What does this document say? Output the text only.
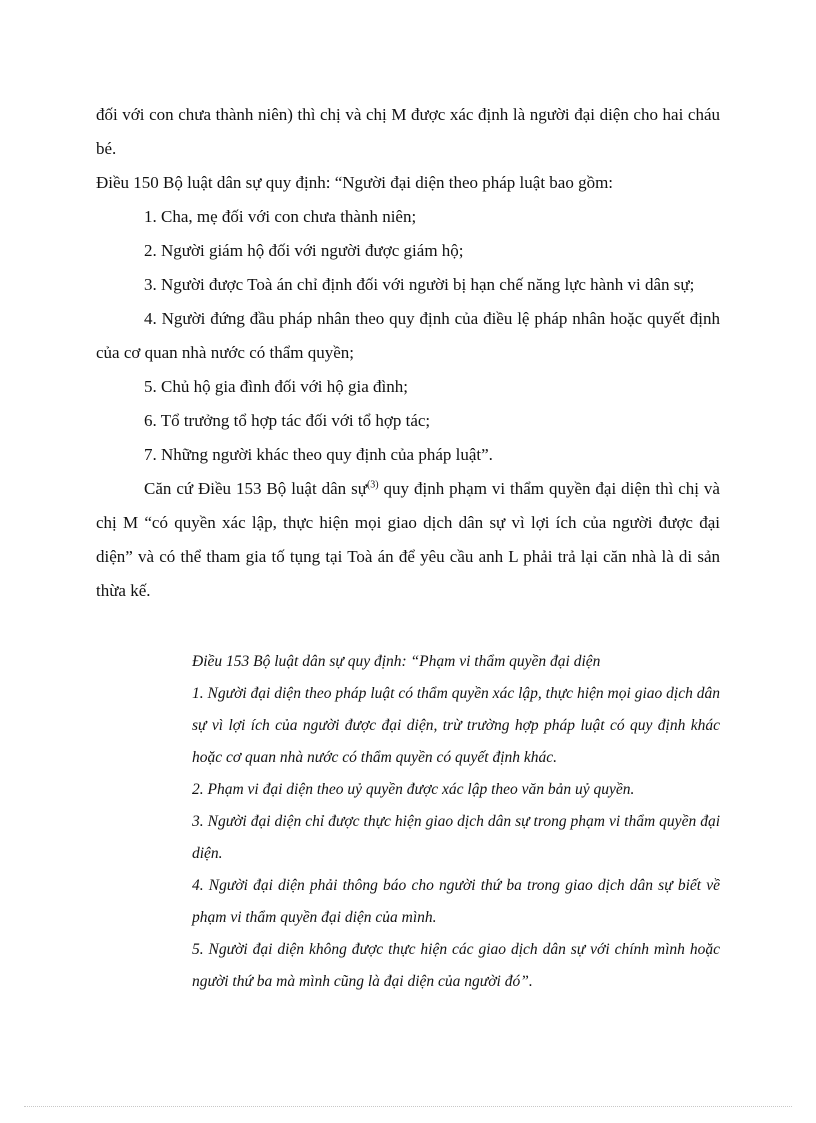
đối với con chưa thành niên) thì chị và chị M được xác định là người đại diện cho hai cháu bé.

Điều 150 Bộ luật dân sự quy định: “Người đại diện theo pháp luật bao gồm:

1. Cha, mẹ đối với con chưa thành niên;

2. Người giám hộ đối với người được giám hộ;

3. Người được Toà án chỉ định đối với người bị hạn chế năng lực hành vi dân sự;

4. Người đứng đầu pháp nhân theo quy định của điều lệ pháp nhân hoặc quyết định của cơ quan nhà nước có thẩm quyền;

5. Chủ hộ gia đình đối với hộ gia đình;

6. Tổ trưởng tổ hợp tác đối với tổ hợp tác;

7. Những người khác theo quy định của pháp luật”.

Căn cứ Điều 153 Bộ luật dân sự$^{(3)}$ quy định phạm vi thẩm quyền đại diện thì chị và chị M “có quyền xác lập, thực hiện mọi giao dịch dân sự vì lợi ích của người được đại diện” và có thể tham gia tố tụng tại Toà án để yêu cầu anh L phải trả lại căn nhà là di sản thừa kế.

Điều 153 Bộ luật dân sự quy định: “Phạm vi thẩm quyền đại diện

1. Người đại diện theo pháp luật có thẩm quyền xác lập, thực hiện mọi giao dịch dân sự vì lợi ích của người được đại diện, trừ trường hợp pháp luật có quy định khác hoặc cơ quan nhà nước có thẩm quyền có quyết định khác.

2. Phạm vi đại diện theo uỷ quyền được xác lập theo văn bản uỷ quyền.

3. Người đại diện chỉ được thực hiện giao dịch dân sự trong phạm vi thẩm quyền đại diện.

4. Người đại diện phải thông báo cho người thứ ba trong giao dịch dân sự biết về phạm vi thẩm quyền đại diện của mình.

5. Người đại diện không được thực hiện các giao dịch dân sự với chính mình hoặc người thứ ba mà mình cũng là đại diện của người đó”.
